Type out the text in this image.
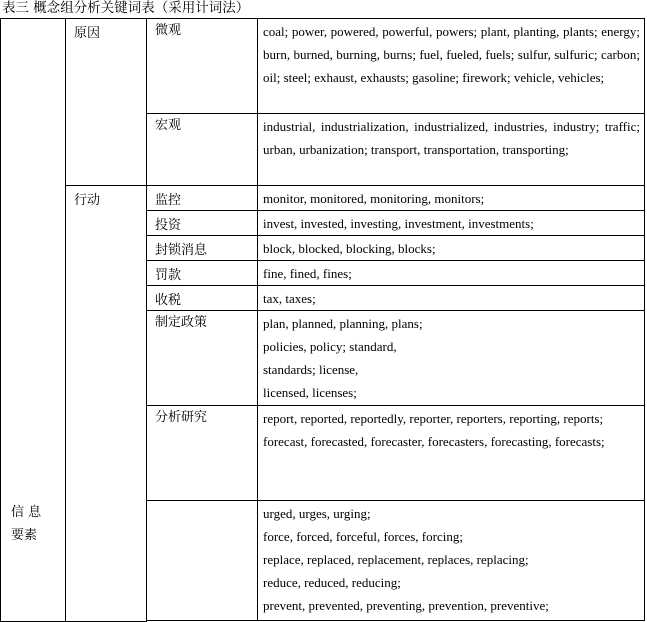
表三 概念组分析关键词表（采用计词法）
信 息
要素	原因	微观	coal; power, powered, powerful, powers; plant, planting, plants; energy; burn, burned, burning, burns; fuel, fueled, fuels; sulfur, sulfuric; carbon; oil; steel; exhaust, exhausts; gasoline; firework; vehicle, vehicles;

		宏观	industrial, industrialization, industrialized, industries, industry; traffic; urban, urbanization; transport, transportation, transporting;

	行动	监控	monitor, monitored, monitoring, monitors;

		投资	invest, invested, investing, investment, investments;

		封锁消息	block, blocked, blocking, blocks;

		罚款	fine, fined, fines;

		收税	tax, taxes;

		制定政策	plan, planned, planning, plans;
policies, policy; standard,
standards; license,
licensed, licenses;

		分析研究	report, reported, reportedly, reporter, reporters, reporting, reports;
forecast, forecasted, forecaster, forecasters, forecasting, forecasts;

			urged, urges, urging;
force, forced, forceful, forces, forcing;
replace, replaced, replacement, replaces, replacing;
reduce, reduced, reducing;
prevent, prevented, preventing, prevention, preventive;
